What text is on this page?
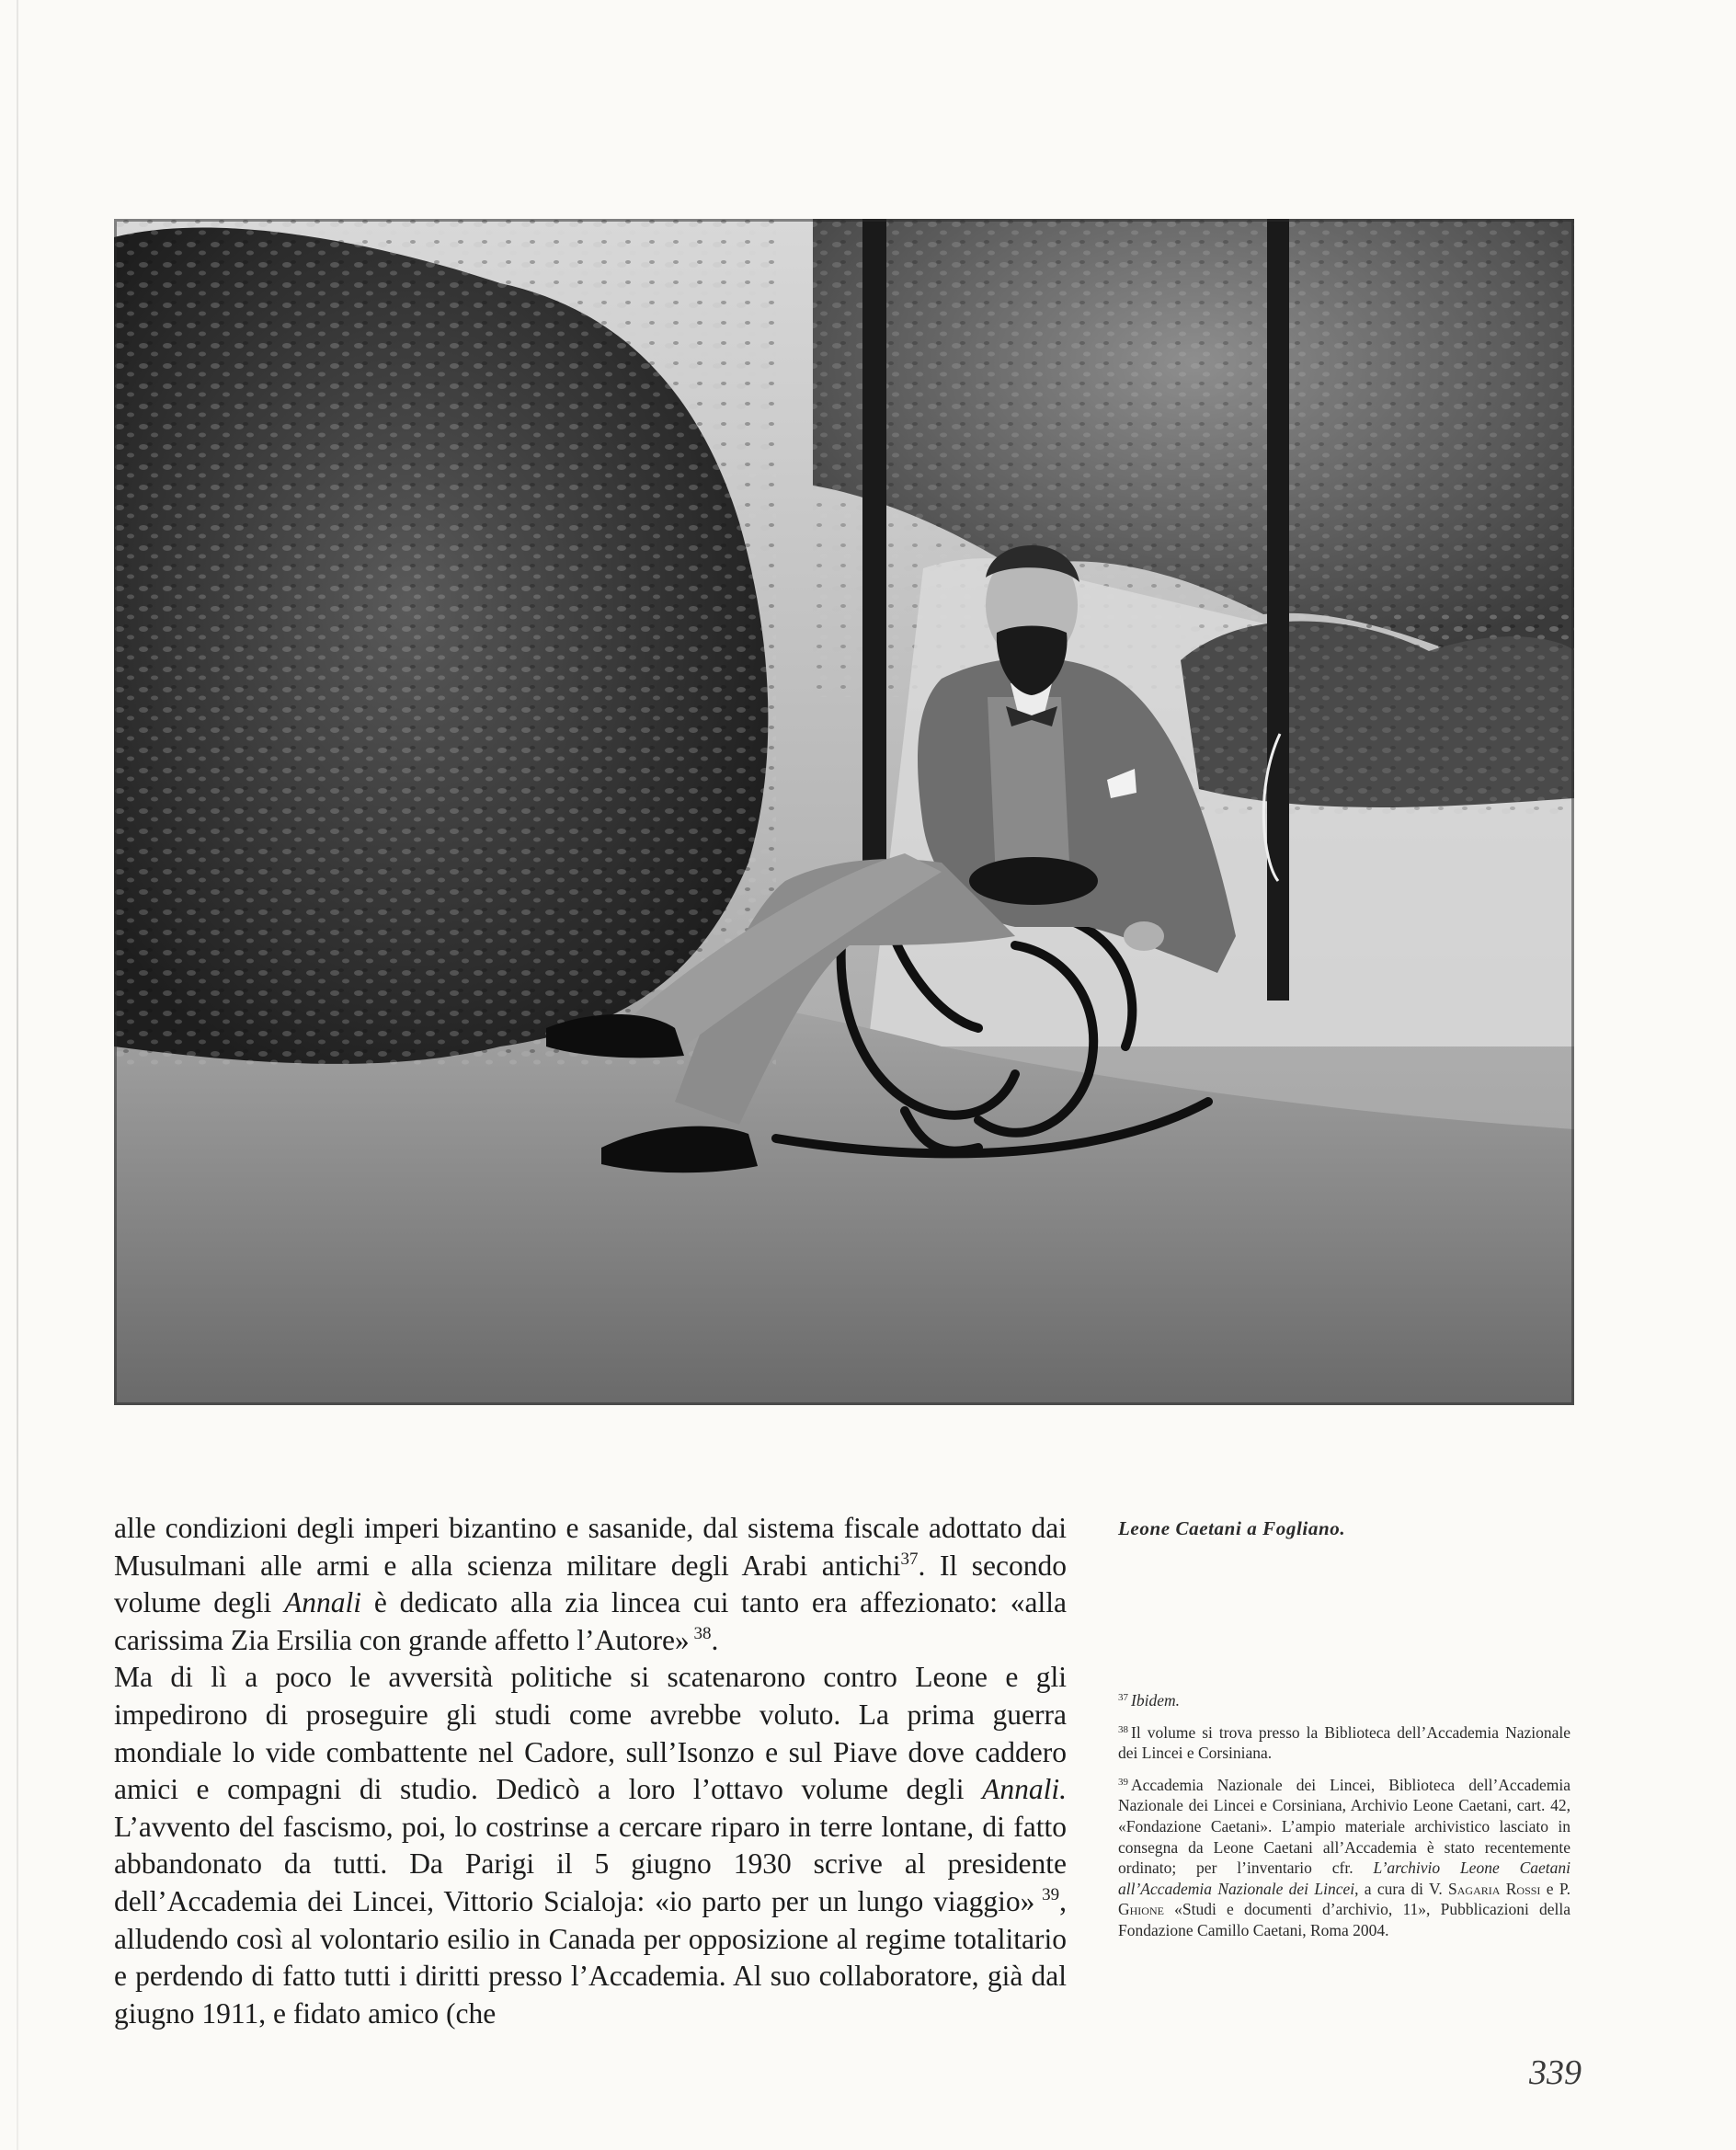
alle condizioni degli imperi bizantino e sasanide, dal sistema fiscale adottato dai Musulmani alle armi e alla scienza militare degli Arabi antichi$^{37}$. Il secondo volume degli Annali è dedicato alla zia lincea cui tanto era affezionato: «alla carissima Zia Ersilia con grande affetto l’Autore» $^{38}$.

Ma di lì a poco le avversità politiche si scatenarono contro Leone e gli impedirono di proseguire gli studi come avrebbe voluto. La prima guerra mondiale lo vide combattente nel Cadore, sull’Isonzo e sul Piave dove caddero amici e compagni di studio. Dedicò a loro l’ottavo volume degli Annali. L’avvento del fascismo, poi, lo costrinse a cercare riparo in terre lontane, di fatto abbandonato da tutti. Da Parigi il 5 giugno 1930 scrive al presidente dell’Accademia dei Lincei, Vittorio Scialoja: «io parto per un lungo viaggio» $^{39}$, alludendo così al volontario esilio in Canada per opposizione al regime totalitario e perdendo di fatto tutti i diritti presso l’Accademia. Al suo collaboratore, già dal giugno 1911, e fidato amico (che

Leone Caetani a Fogliano.

$^{37}$ Ibidem.

$^{38}$ Il volume si trova presso la Biblioteca dell’Accademia Nazionale dei Lincei e Corsiniana.

$^{39}$ Accademia Nazionale dei Lincei, Biblioteca dell’Accademia Nazionale dei Lincei e Corsiniana, Archivio Leone Caetani, cart. 42, «Fondazione Caetani». L’ampio materiale archivistico lasciato in consegna da Leone Caetani all’Accademia è stato recentemente ordinato; per l’inventario cfr. L’archivio Leone Caetani all’Accademia Nazionale dei Lincei, a cura di V. Sagaria Rossi e P. Ghione «Studi e documenti d’archivio, 11», Pubblicazioni della Fondazione Camillo Caetani, Roma 2004.

339
